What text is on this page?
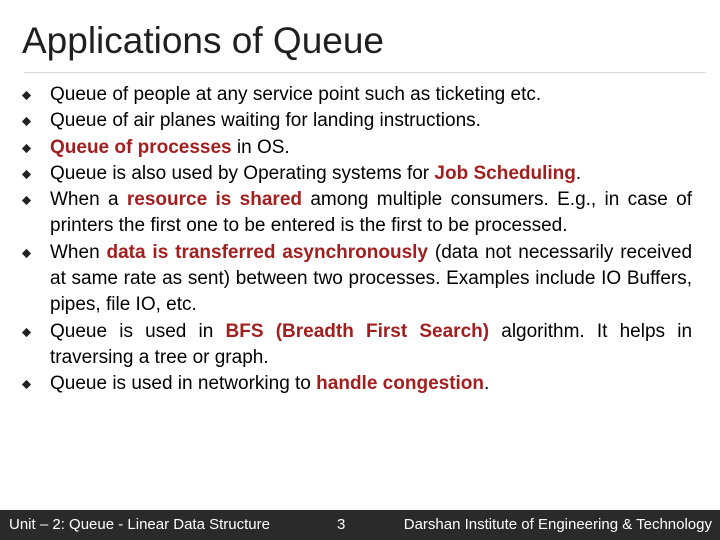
Applications of Queue
Queue of people at any service point such as ticketing etc.
Queue of air planes waiting for landing instructions.
Queue of processes in OS.
Queue is also used by Operating systems for Job Scheduling.
When a resource is shared among multiple consumers. E.g., in case of printers the first one to be entered is the first to be processed.
When data is transferred asynchronously (data not necessarily received at same rate as sent) between two processes. Examples include IO Buffers, pipes, file IO, etc.
Queue is used in BFS (Breadth First Search) algorithm. It helps in traversing a tree or graph.
Queue is used in networking to handle congestion.
Unit – 2: Queue - Linear Data Structure	3	Darshan Institute of Engineering & Technology
